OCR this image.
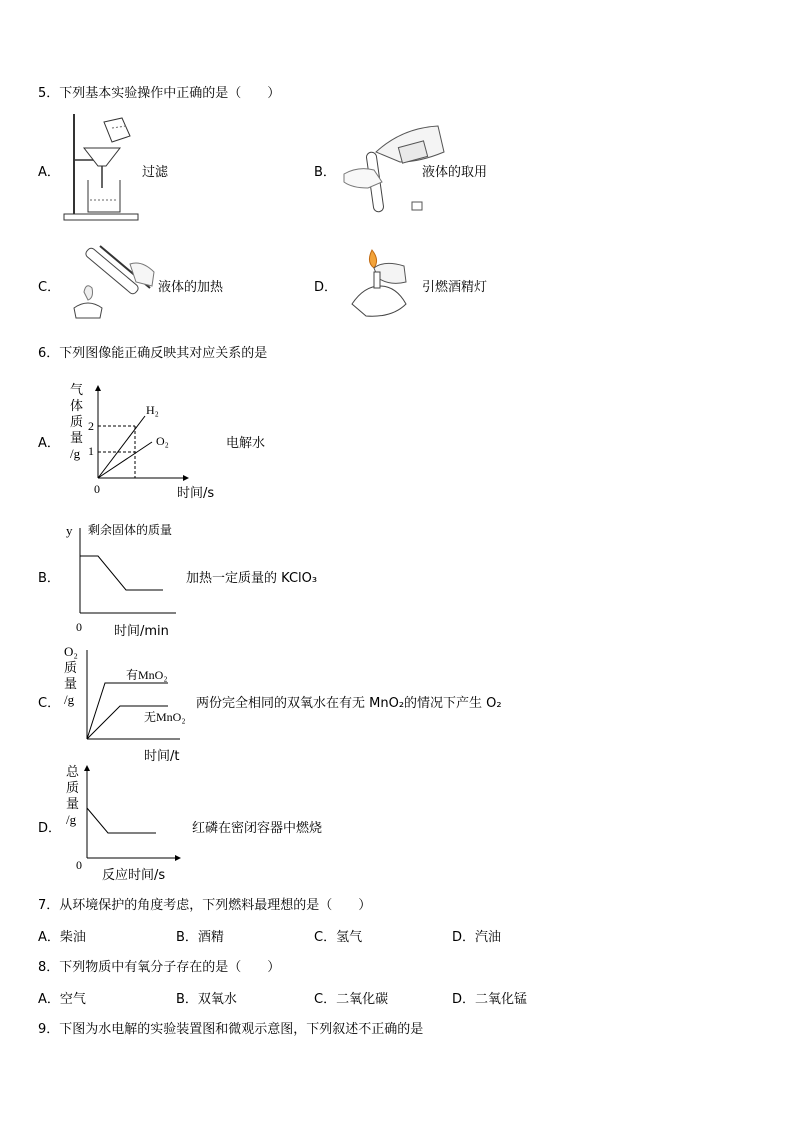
5．下列基本实验操作中正确的是（　　）
A．	过滤	B．	液体的取用
C．	液体的加热	D．	引燃酒精灯
6．下列图像能正确反映其对应关系的是
A．
气
体
质
量
/g
2
1
0
H₂
O₂
时间/s
电解水
B．
y 剩余固体的质量
0 时间/min
加热一定质量的 KClO₃
C．
O₂
质
量
/g
有MnO₂
无MnO₂
时间/t
两份完全相同的双氧水在有无 MnO₂的情况下产生 O₂
D．
总
质
量
/g
0
反应时间/s
红磷在密闭容器中燃烧
7．从环境保护的角度考虑，下列燃料最理想的是（　　）
A．柴油	B．酒精	C．氢气	D．汽油
8．下列物质中有氧分子存在的是（　　）
A．空气	B．双氧水	C．二氧化碳	D．二氧化锰
9．下图为水电解的实验装置图和微观示意图，下列叙述不正确的是
